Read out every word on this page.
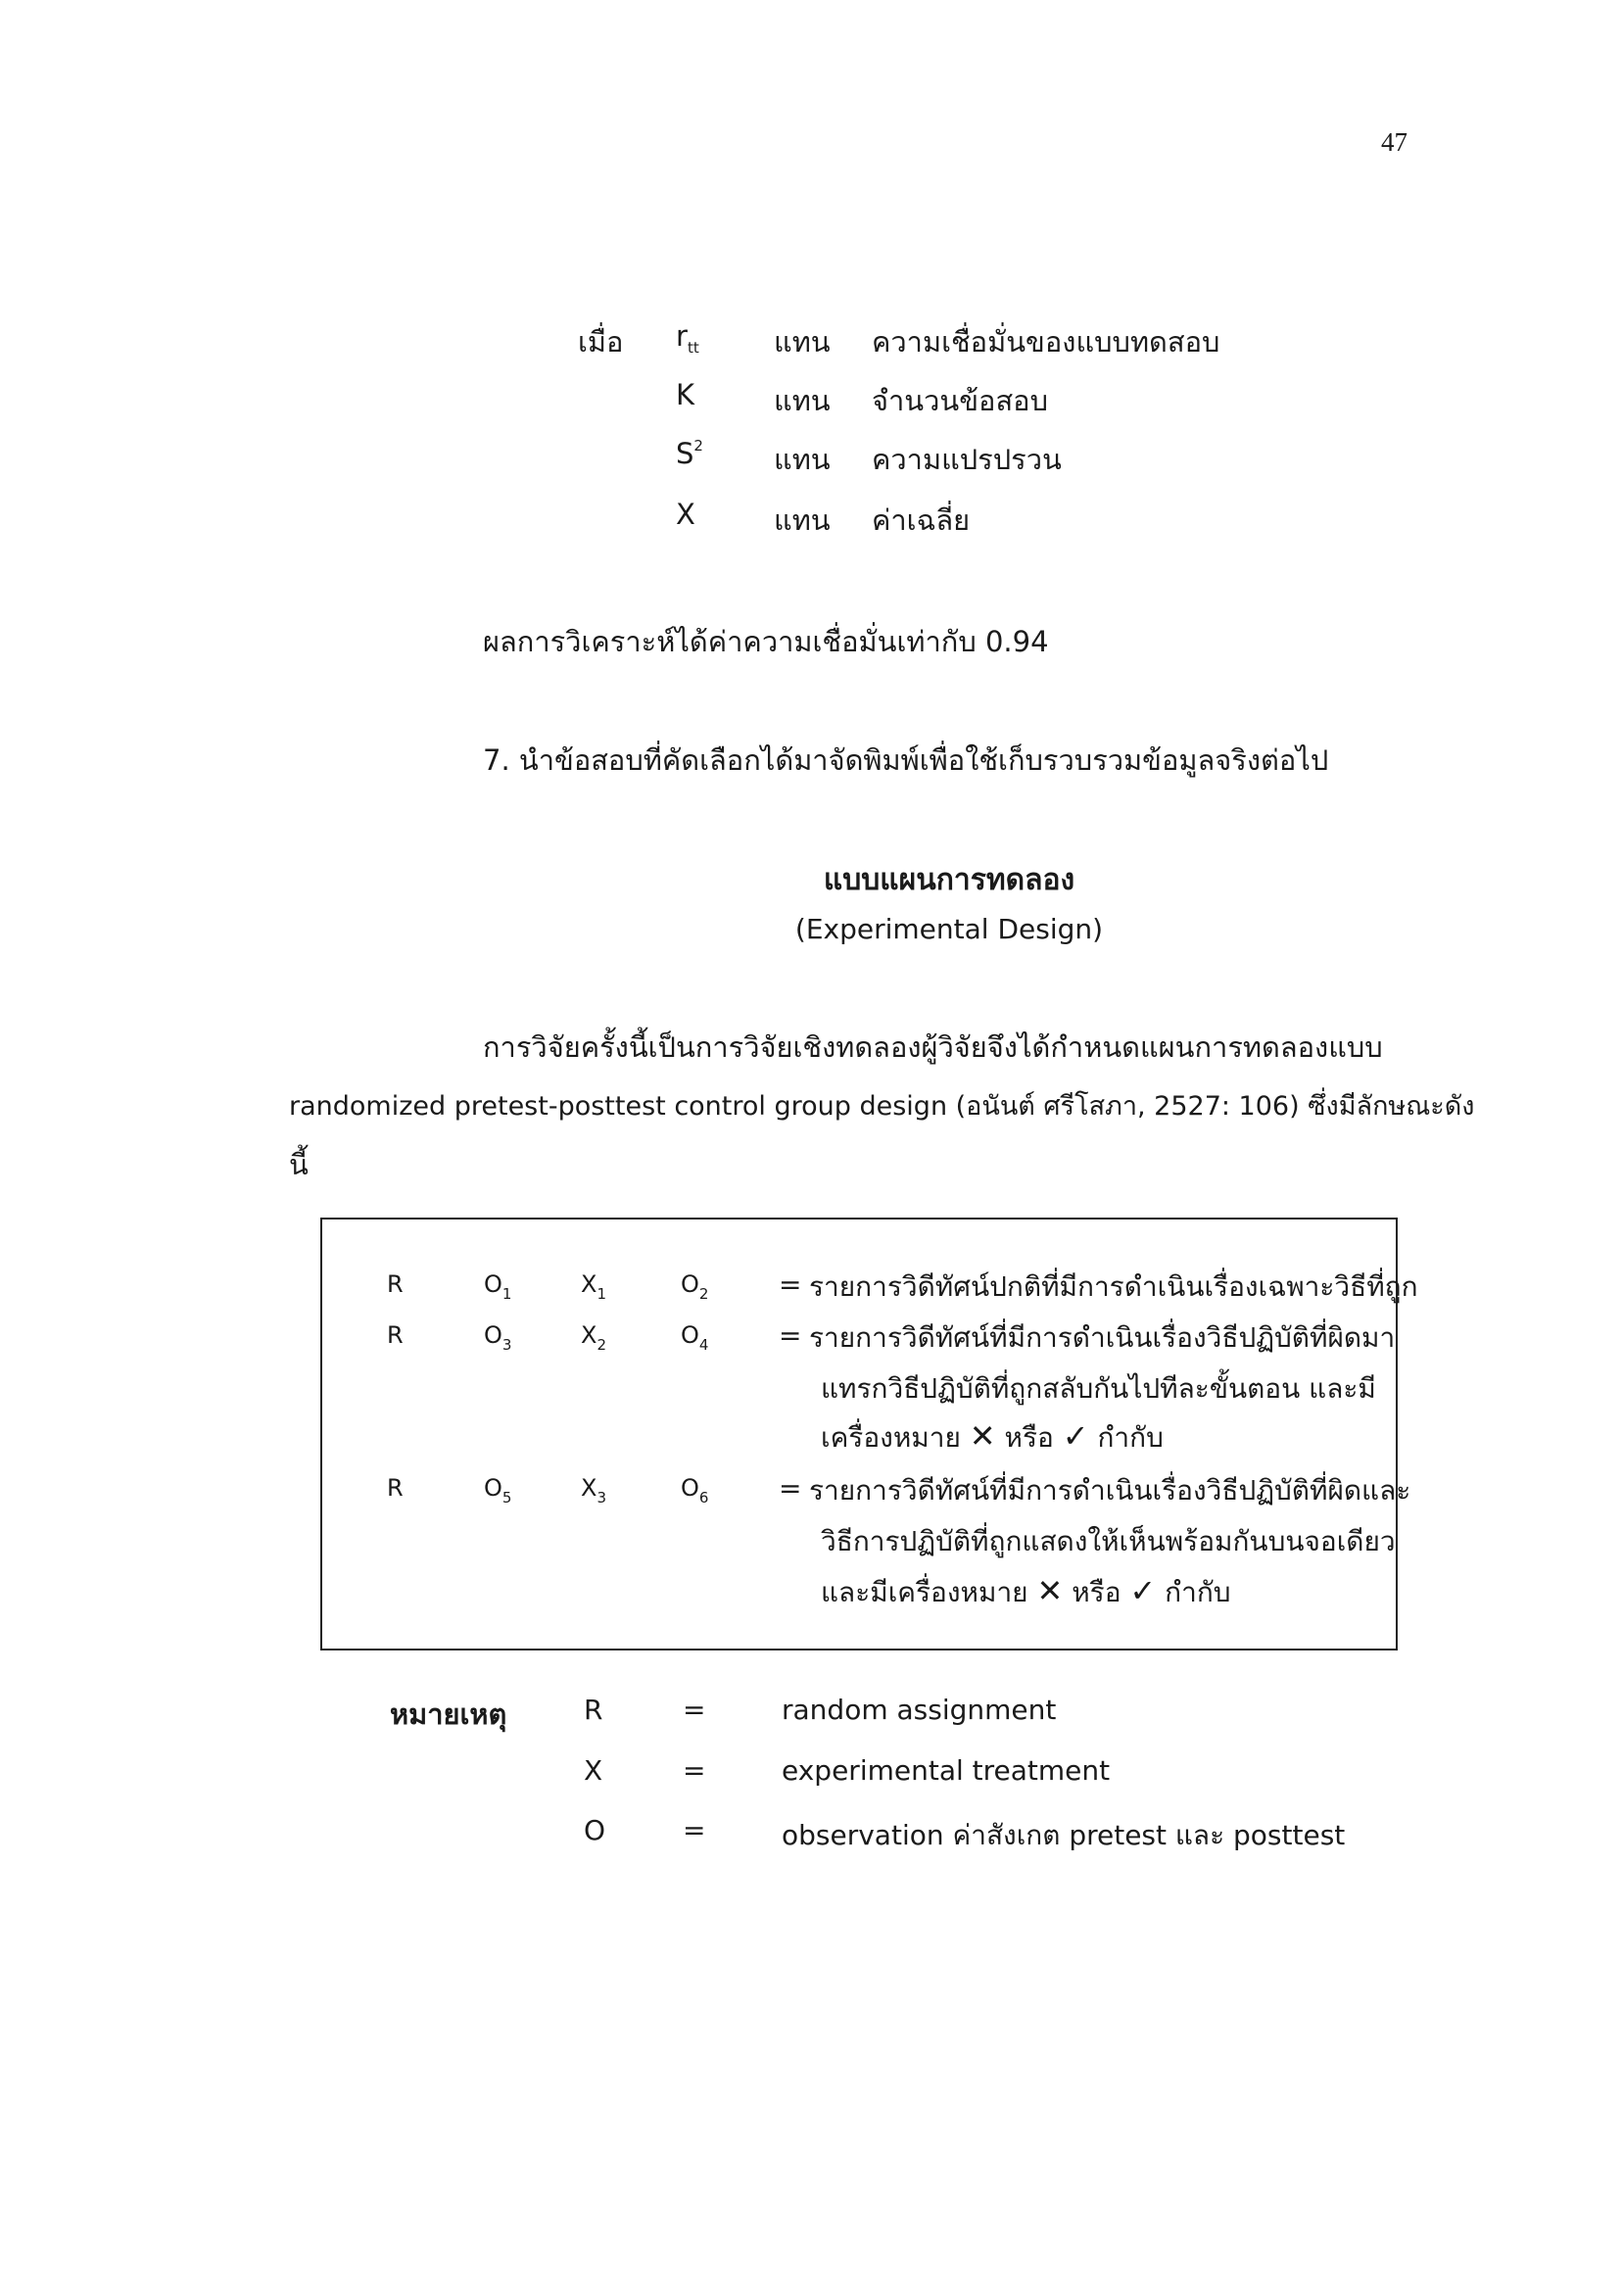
47
เมื่อ $r_{tt}$	แทน ความเชื่อมั่นของแบบทดสอบ
K	แทน จำนวนข้อสอบ
$S^2$ แทน ความแปรปรวน
X	แทน ค่าเฉลี่ย
ผลการวิเคราะห์ได้ค่าความเชื่อมั่นเท่ากับ 0.94
7. นำข้อสอบที่คัดเลือกได้มาจัดพิมพ์เพื่อใช้เก็บรวบรวมข้อมูลจริงต่อไป
แบบแผนการทดลอง
(Experimental Design)
การวิจัยครั้งนี้เป็นการวิจัยเชิงทดลองผู้วิจัยจึงได้กำหนดแผนการทดลองแบบ
randomized pretest-posttest control group design (อนันต์ ศรีโสภา, 2527: 106) ซึ่งมีลักษณะดัง
นี้
R	$O_1$	$X_1$	$O_2$	= รายการวิดีทัศน์ปกติที่มีการดำเนินเรื่องเฉพาะวิธีที่ถูก
R	$O_3$	$X_2$	$O_4$	= รายการวิดีทัศน์ที่มีการดำเนินเรื่องวิธีปฏิบัติที่ผิดมา
แทรกวิธีปฏิบัติที่ถูกสลับกันไปทีละขั้นตอน และมี
เครื่องหมาย ✕ หรือ ✓ กำกับ
R	$O_5$	$X_3$	$O_6$	= รายการวิดีทัศน์ที่มีการดำเนินเรื่องวิธีปฏิบัติที่ผิดและ
วิธีการปฏิบัติที่ถูกแสดงให้เห็นพร้อมกันบนจอเดียว
และมีเครื่องหมาย ✕ หรือ ✓ กำกับ
หมายเหตุ	R	=	random assignment
X	=	experimental treatment
O	=	observation ค่าสังเกต pretest และ posttest
